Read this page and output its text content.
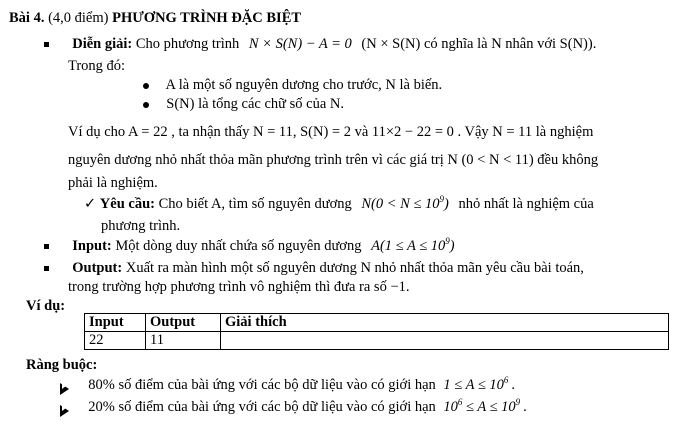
Bài 4. (4,0 điểm) PHƯƠNG TRÌNH ĐẶC BIỆT
Diễn giải: Cho phương trình N × S(N) − A = 0 (N × S(N) có nghĩa là N nhân với S(N)).
Trong đó:
A là một số nguyên dương cho trước, N là biến.
S(N) là tổng các chữ số của N.
Ví dụ cho A = 22 , ta nhận thấy N = 11, S(N) = 2 và 11×2 − 22 = 0 . Vậy N = 11 là nghiệm
nguyên dương nhỏ nhất thỏa mãn phương trình trên vì các giá trị N (0 < N < 11) đều không
phải là nghiệm.
✓ Yêu cầu: Cho biết A, tìm số nguyên dương $N(0 < N \le 10^9)$ nhỏ nhất là nghiệm của
phương trình.
Input: Một dòng duy nhất chứa số nguyên dương $A(1 \le A \le 10^9)$
Output: Xuất ra màn hình một số nguyên dương N nhỏ nhất thỏa mãn yêu cầu bài toán,
trong trường hợp phương trình vô nghiệm thì đưa ra số −1.
Ví dụ:
Input	Output	Giải thích
22	11	
Ràng buộc:
80% số điểm của bài ứng với các bộ dữ liệu vào có giới hạn $1 \le A \le 10^6$ .
20% số điểm của bài ứng với các bộ dữ liệu vào có giới hạn $10^6 \le A \le 10^9$ .
